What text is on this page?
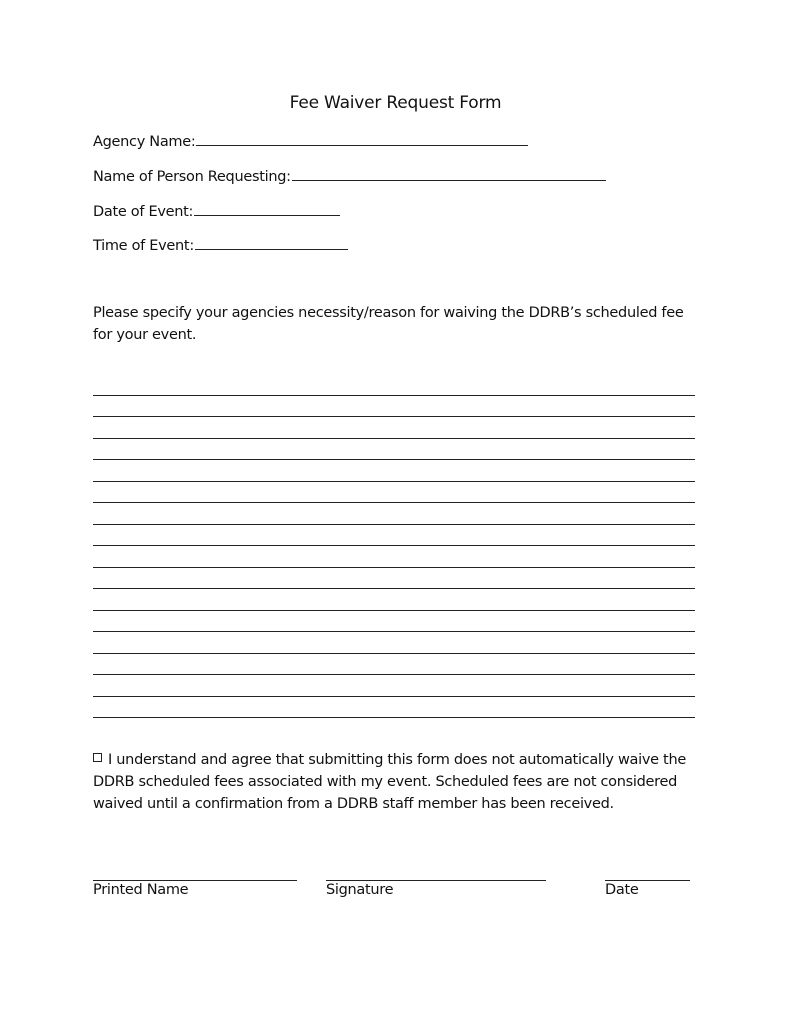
Fee Waiver Request Form
Agency Name:
Name of Person Requesting:
Date of Event:
Time of Event:
Please specify your agencies necessity/reason for waiving the DDRB’s scheduled fee for your event.
I understand and agree that submitting this form does not automatically waive the DDRB scheduled fees associated with my event. Scheduled fees are not considered waived until a confirmation from a DDRB staff member has been received.
Printed Name	Signature	Date
